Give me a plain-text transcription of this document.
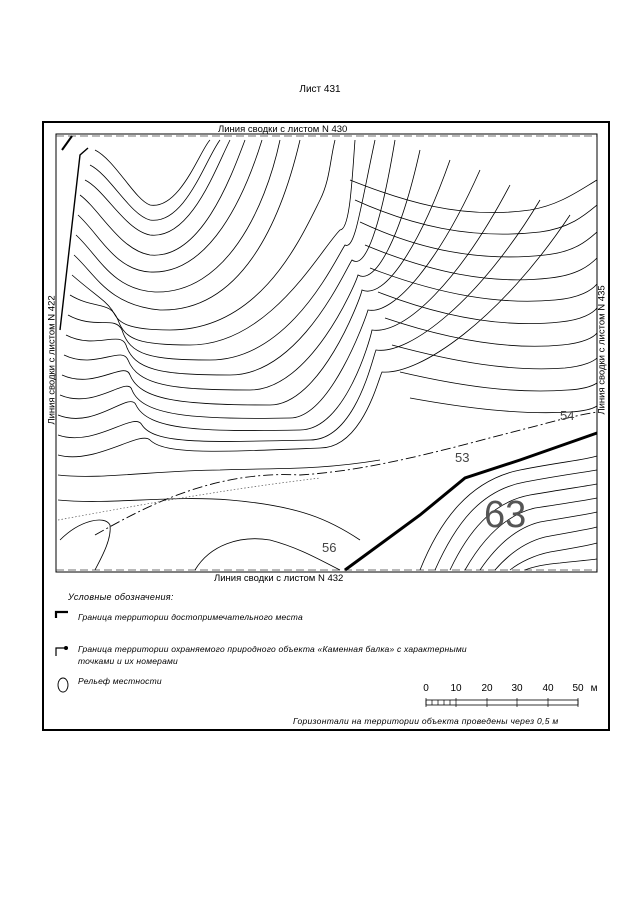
Лист 431
Линия сводки с листом N 430
Линия сводки с листом N 432
Линия сводки с листом N 422	Линия сводки с листом N 435
63
54
53
56
Условные обозначения:
Граница территории достопримечательного места
Граница территории охраняемого природного объекта «Каменная балка» с характерными
точками и их номерами
Рельеф местности
0 10 20 30 40 50 м
Горизонтали на территории объекта проведены через 0,5 м
